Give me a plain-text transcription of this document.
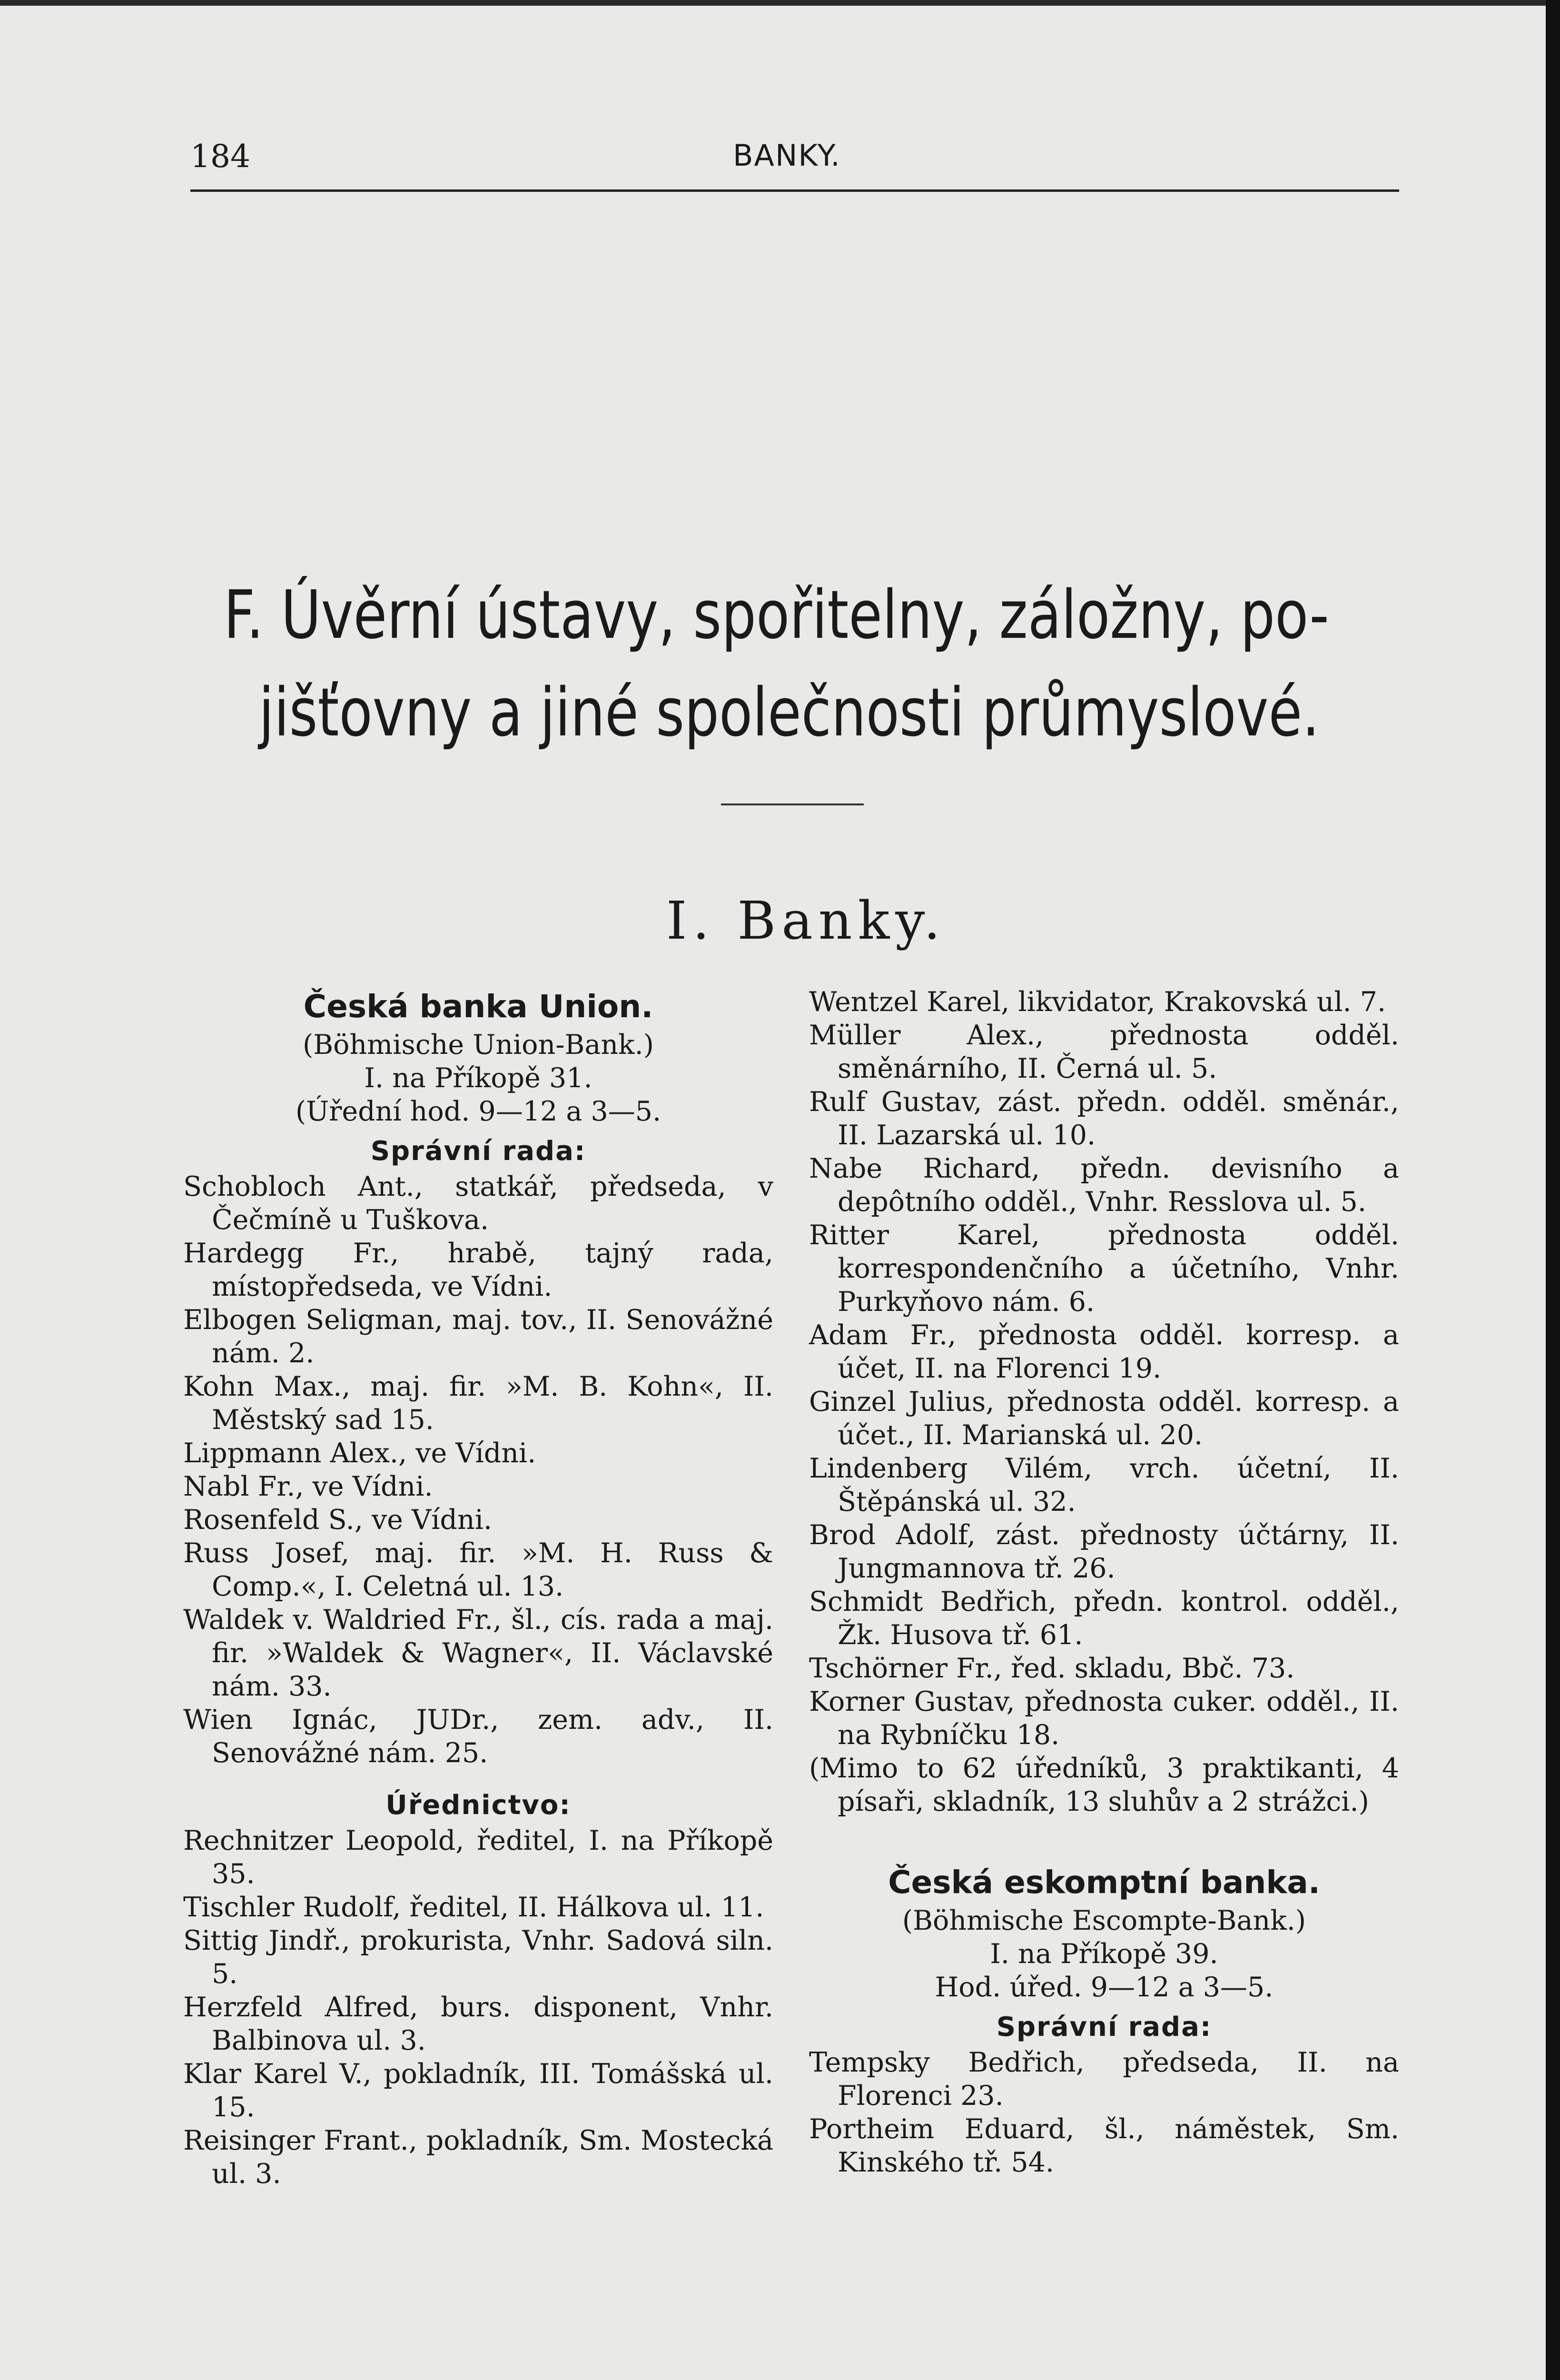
184	BANKY.
F. Úvěrní ústavy, spořitelny, záložny, po-
jišťovny a jiné společnosti průmyslové.
I. Banky.
Česká banka Union.
(Böhmische Union-Bank.)
I. na Příkopě 31.
(Úřední hod. 9—12 a 3—5.
Správní rada:
Schobloch Ant., statkář, předseda, v Čečmíně u Tuškova.
Hardegg Fr., hrabě, tajný rada, místopředseda, ve Vídni.
Elbogen Seligman, maj. tov., II. Senovážné nám. 2.
Kohn Max., maj. fir. »M. B. Kohn«, II. Městský sad 15.
Lippmann Alex., ve Vídni.
Nabl Fr., ve Vídni.
Rosenfeld S., ve Vídni.
Russ Josef, maj. fir. »M. H. Russ & Comp.«, I. Celetná ul. 13.
Waldek v. Waldried Fr., šl., cís. rada a maj. fir. »Waldek & Wagner«, II. Václavské nám. 33.
Wien Ignác, JUDr., zem. adv., II. Senovážné nám. 25.
Úřednictvo:
Rechnitzer Leopold, ředitel, I. na Příkopě 35.
Tischler Rudolf, ředitel, II. Hálkova ul. 11.
Sittig Jindř., prokurista, Vnhr. Sadová siln. 5.
Herzfeld Alfred, burs. disponent, Vnhr. Balbinova ul. 3.
Klar Karel V., pokladník, III. Tomášská ul. 15.
Reisinger Frant., pokladník, Sm. Mostecká ul. 3.
Wentzel Karel, likvidator, Krakovská ul. 7.
Müller Alex., přednosta odděl. směnárního, II. Černá ul. 5.
Rulf Gustav, zást. předn. odděl. směnár., II. Lazarská ul. 10.
Nabe Richard, předn. devisního a depôtního odděl., Vnhr. Resslova ul. 5.
Ritter Karel, přednosta odděl. korrespondenčního a účetního, Vnhr. Purkyňovo nám. 6.
Adam Fr., přednosta odděl. korresp. a účet, II. na Florenci 19.
Ginzel Julius, přednosta odděl. korresp. a účet., II. Marianská ul. 20.
Lindenberg Vilém, vrch. účetní, II. Štěpánská ul. 32.
Brod Adolf, zást. přednosty účtárny, II. Jungmannova tř. 26.
Schmidt Bedřich, předn. kontrol. odděl., Žk. Husova tř. 61.
Tschörner Fr., řed. skladu, Bbč. 73.
Korner Gustav, přednosta cuker. odděl., II. na Rybníčku 18.
(Mimo to 62 úředníků, 3 praktikanti, 4 písaři, skladník, 13 sluhův a 2 strážci.)
Česká eskomptní banka.
(Böhmische Escompte-Bank.)
I. na Příkopě 39.
Hod. úřed. 9—12 a 3—5.
Správní rada:
Tempsky Bedřich, předseda, II. na Florenci 23.
Portheim Eduard, šl., náměstek, Sm. Kinského tř. 54.
